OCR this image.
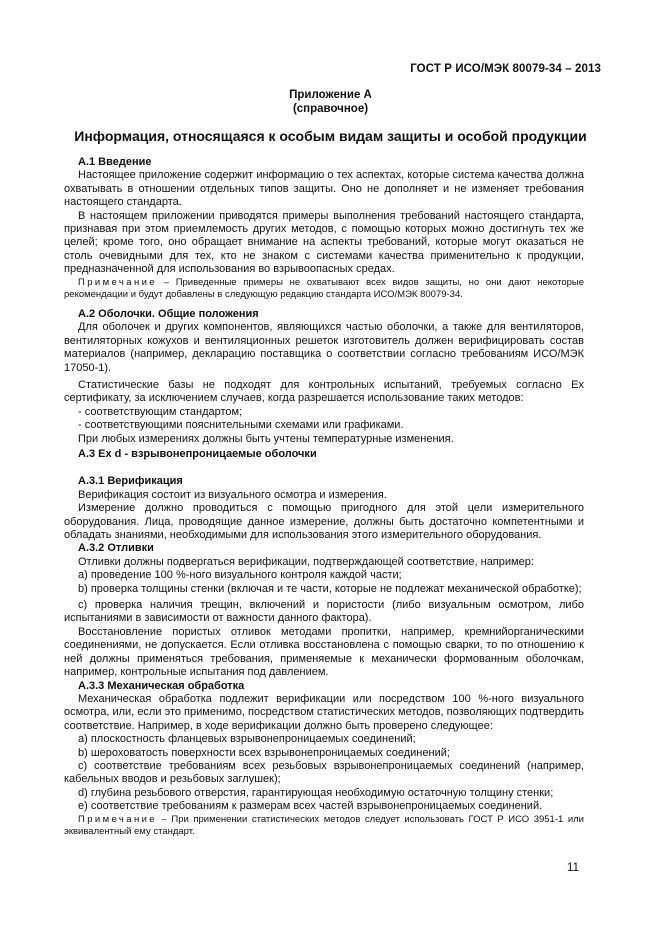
ГОСТ Р ИСО/МЭК 80079-34 – 2013
Приложение А
(справочное)
Информация, относящаяся к особым видам защиты и особой продукции

А.1 Введение

Настоящее приложение содержит информацию о тех аспектах, которые система качества должна охватывать в отношении отдельных типов защиты. Оно не дополняет и не изменяет требования настоящего стандарта.

В настоящем приложении приводятся примеры выполнения требований настоящего стандарта, признавая при этом приемлемость других методов, с помощью которых можно достигнуть тех же целей; кроме того, оно обращает внимание на аспекты требований, которые могут оказаться не столь очевидными для тех, кто не знаком с системами качества применительно к продукции, предназначенной для использования во взрывоопасных средах.

Примечание – Приведенные примеры не охватывают всех видов защиты, но они дают некоторые рекомендации и будут добавлены в следующую редакцию стандарта ИСО/МЭК 80079-34.

А.2 Оболочки. Общие положения

Для оболочек и других компонентов, являющихся частью оболочки, а также для вентиляторов, вентиляторных кожухов и вентиляционных решеток изготовитель должен верифицировать состав материалов (например, декларацию поставщика о соответствии согласно требованиям ИСО/МЭК 17050-1).

Статистические базы не подходят для контрольных испытаний, требуемых согласно Ex сертификату, за исключением случаев, когда разрешается использование таких методов:

- соответствующим стандартом;

- соответствующими пояснительными схемами или графиками.

При любых измерениях должны быть учтены температурные изменения.

А.3 Ex d - взрывонепроницаемые оболочки

А.3.1 Верификация

Верификация состоит из визуального осмотра и измерения.

Измерение должно проводиться с помощью пригодного для этой цели измерительного оборудования. Лица, проводящие данное измерение, должны быть достаточно компетентными и обладать знаниями, необходимыми для использования этого измерительного оборудования.

А.3.2 Отливки

Отливки должны подвергаться верификации, подтверждающей соответствие, например:

а) проведение 100 %-ного визуального контроля каждой части;

b) проверка толщины стенки (включая и те части, которые не подлежат механической обработке);

c) проверка наличия трещин, включений и пористости (либо визуальным осмотром, либо испытаниями в зависимости от важности данного фактора).

Восстановление пористых отливок методами пропитки, например, кремнийорганическими соединениями, не допускается. Если отливка восстановлена с помощью сварки, то по отношению к ней должны применяться требования, применяемые к механически формованным оболочкам, например, контрольные испытания под давлением.

А.3.3 Механическая обработка

Механическая обработка подлежит верификации или посредством 100 %-ного визуального осмотра, или, если это применимо, посредством статистических методов, позволяющих подтвердить соответствие. Например, в ходе верификации должно быть проверено следующее:

а) плоскостность фланцевых взрывонепроницаемых соединений;

b) шероховатость поверхности всех взрывонепроницаемых соединений;

c) соответствие требованиям всех резьбовых взрывонепроницаемых соединений (например, кабельных вводов и резьбовых заглушек);

d) глубина резьбового отверстия, гарантирующая необходимую остаточную толщину стенки;

e) соответствие требованиям к размерам всех частей взрывонепроницаемых соединений.

Примечание – При применении статистических методов следует использовать ГОСТ Р ИСО 3951-1 или эквивалентный ему стандарт.

11
